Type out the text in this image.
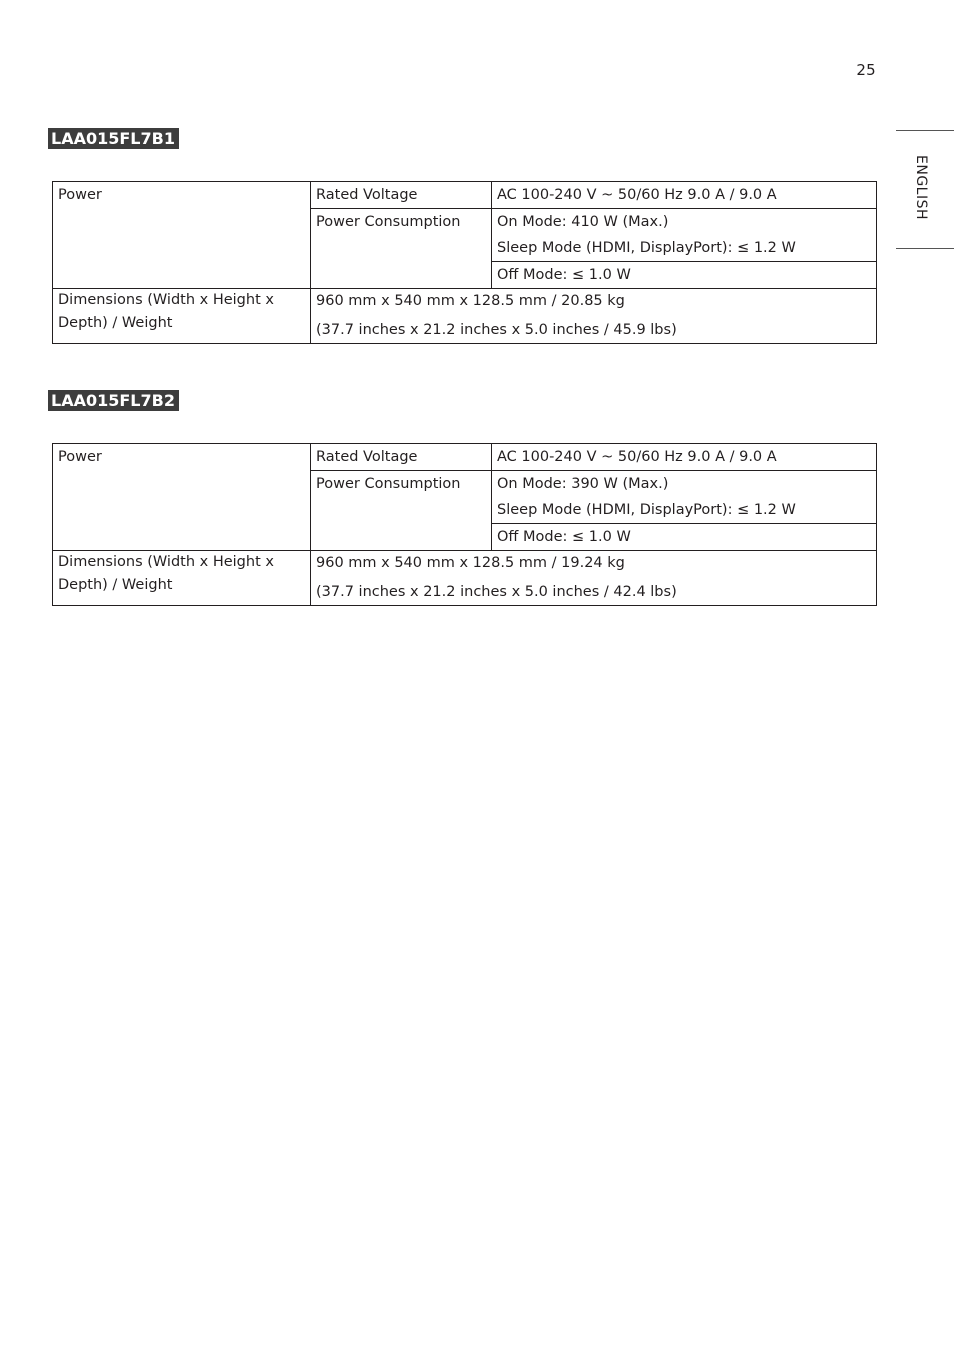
25
ENGLISH
LAA015FL7B1
Power	Rated Voltage	AC 100-240 V ~ 50/60 Hz 9.0 A / 9.0 A

	Power Consumption	On Mode: 410 W (Max.)
Sleep Mode (HDMI, DisplayPort): ≤ 1.2 W
Off Mode: ≤ 1.0 W

Dimensions (Width x Height x Depth) / Weight	960 mm x 540 mm x 128.5 mm / 20.85 kg
(37.7 inches x 21.2 inches x 5.0 inches / 45.9 lbs)	
LAA015FL7B2
Power	Rated Voltage	AC 100-240 V ~ 50/60 Hz 9.0 A / 9.0 A

	Power Consumption	On Mode: 390 W (Max.)
Sleep Mode (HDMI, DisplayPort): ≤ 1.2 W
Off Mode: ≤ 1.0 W

Dimensions (Width x Height x Depth) / Weight	960 mm x 540 mm x 128.5 mm / 19.24 kg
(37.7 inches x 21.2 inches x 5.0 inches / 42.4 lbs)	
